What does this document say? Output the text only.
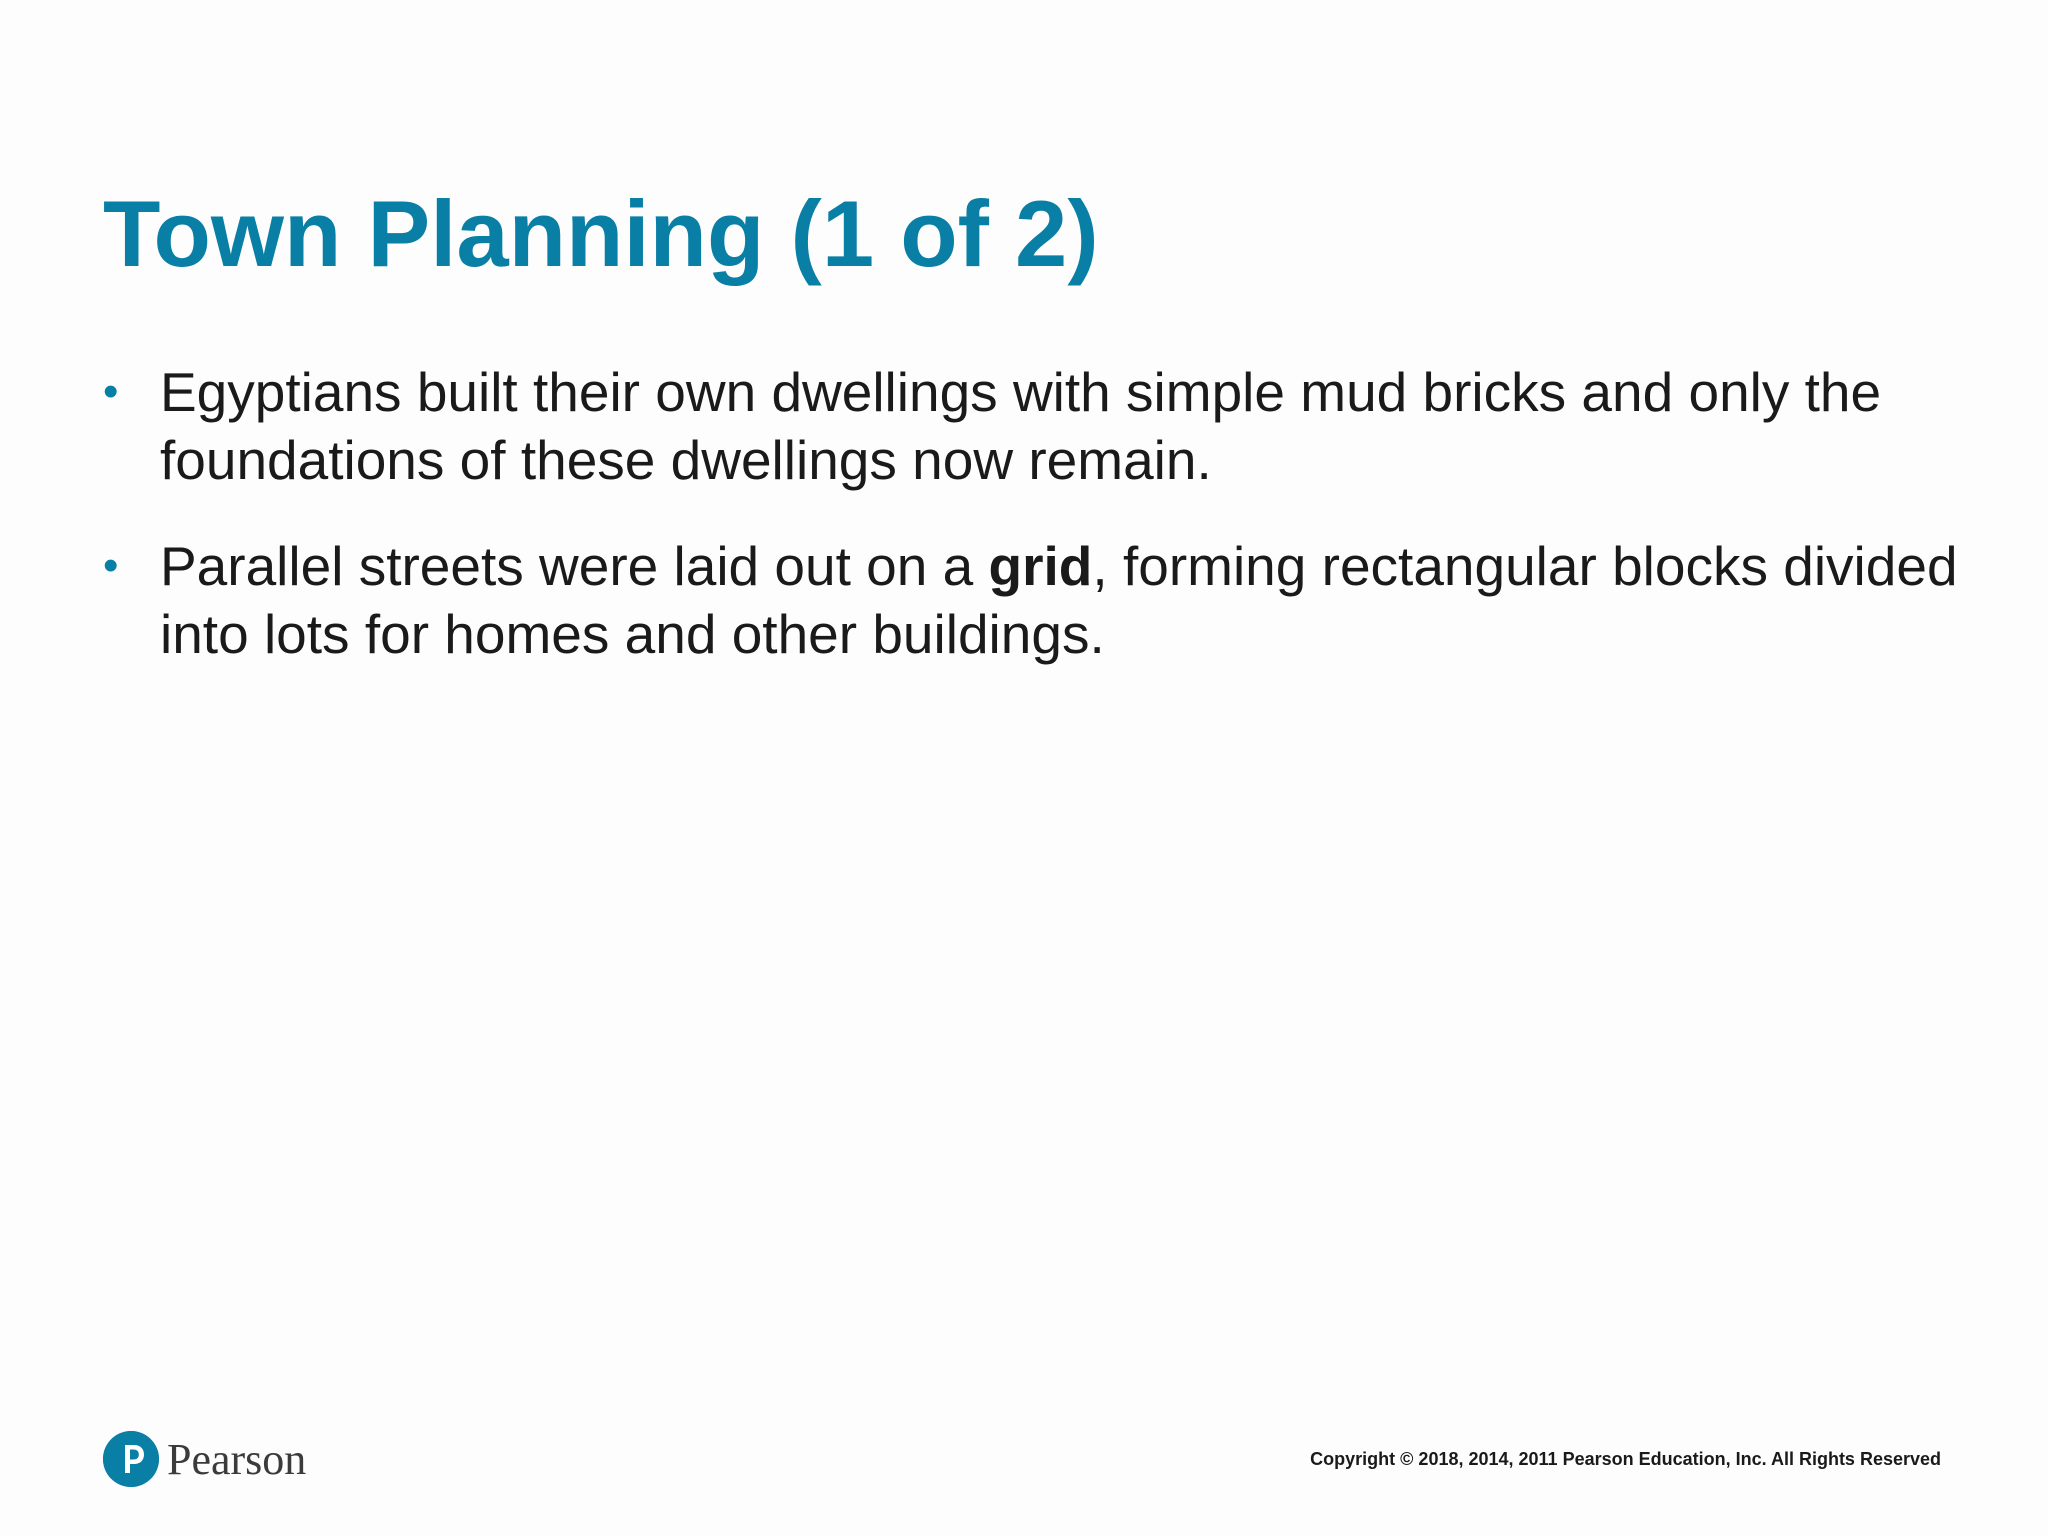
Town Planning (1 of 2)
• Egyptians built their own dwellings with simple mud bricks and only the foundations of these dwellings now remain.
• Parallel streets were laid out on a grid, forming rectangular blocks divided into lots for homes and other buildings.
Pearson	Copyright © 2018, 2014, 2011 Pearson Education, Inc. All Rights Reserved
